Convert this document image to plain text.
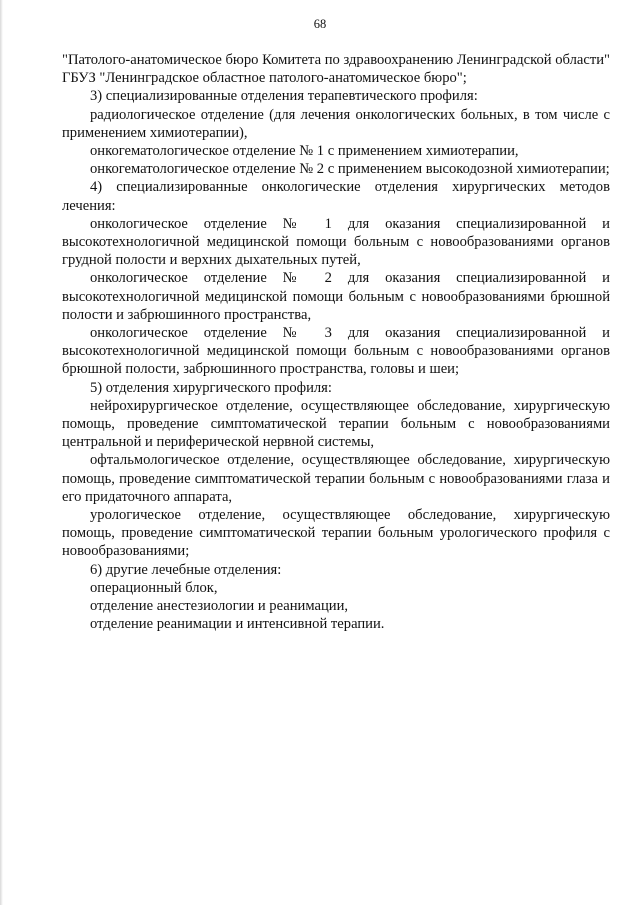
68

"Патолого-анатомическое бюро Комитета по здравоохранению Ленинградской области" ГБУЗ "Ленинградское областное патолого-анатомическое бюро";

3) специализированные отделения терапевтического профиля:

радиологическое отделение (для лечения онкологических больных, в том числе с применением химиотерапии),

онкогематологическое отделение № 1 с применением химиотерапии,

онкогематологическое отделение № 2 с применением высокодозной химиотерапии;

4) специализированные онкологические отделения хирургических методов лечения:

онкологическое отделение № 1 для оказания специализированной и высокотехнологичной медицинской помощи больным с новообразованиями органов грудной полости и верхних дыхательных путей,

онкологическое отделение № 2 для оказания специализированной и высокотехнологичной медицинской помощи больным с новообразованиями брюшной полости и забрюшинного пространства,

онкологическое отделение № 3 для оказания специализированной и высокотехнологичной медицинской помощи больным с новообразованиями органов брюшной полости, забрюшинного пространства, головы и шеи;

5) отделения хирургического профиля:

нейрохирургическое отделение, осуществляющее обследование, хирургическую помощь, проведение симптоматической терапии больным с новообразованиями центральной и периферической нервной системы,

офтальмологическое отделение, осуществляющее обследование, хирургическую помощь, проведение симптоматической терапии больным с новообразованиями глаза и его придаточного аппарата,

урологическое отделение, осуществляющее обследование, хирургическую помощь, проведение симптоматической терапии больным урологического профиля с новообразованиями;

6) другие лечебные отделения:

операционный блок,

отделение анестезиологии и реанимации,

отделение реанимации и интенсивной терапии.
